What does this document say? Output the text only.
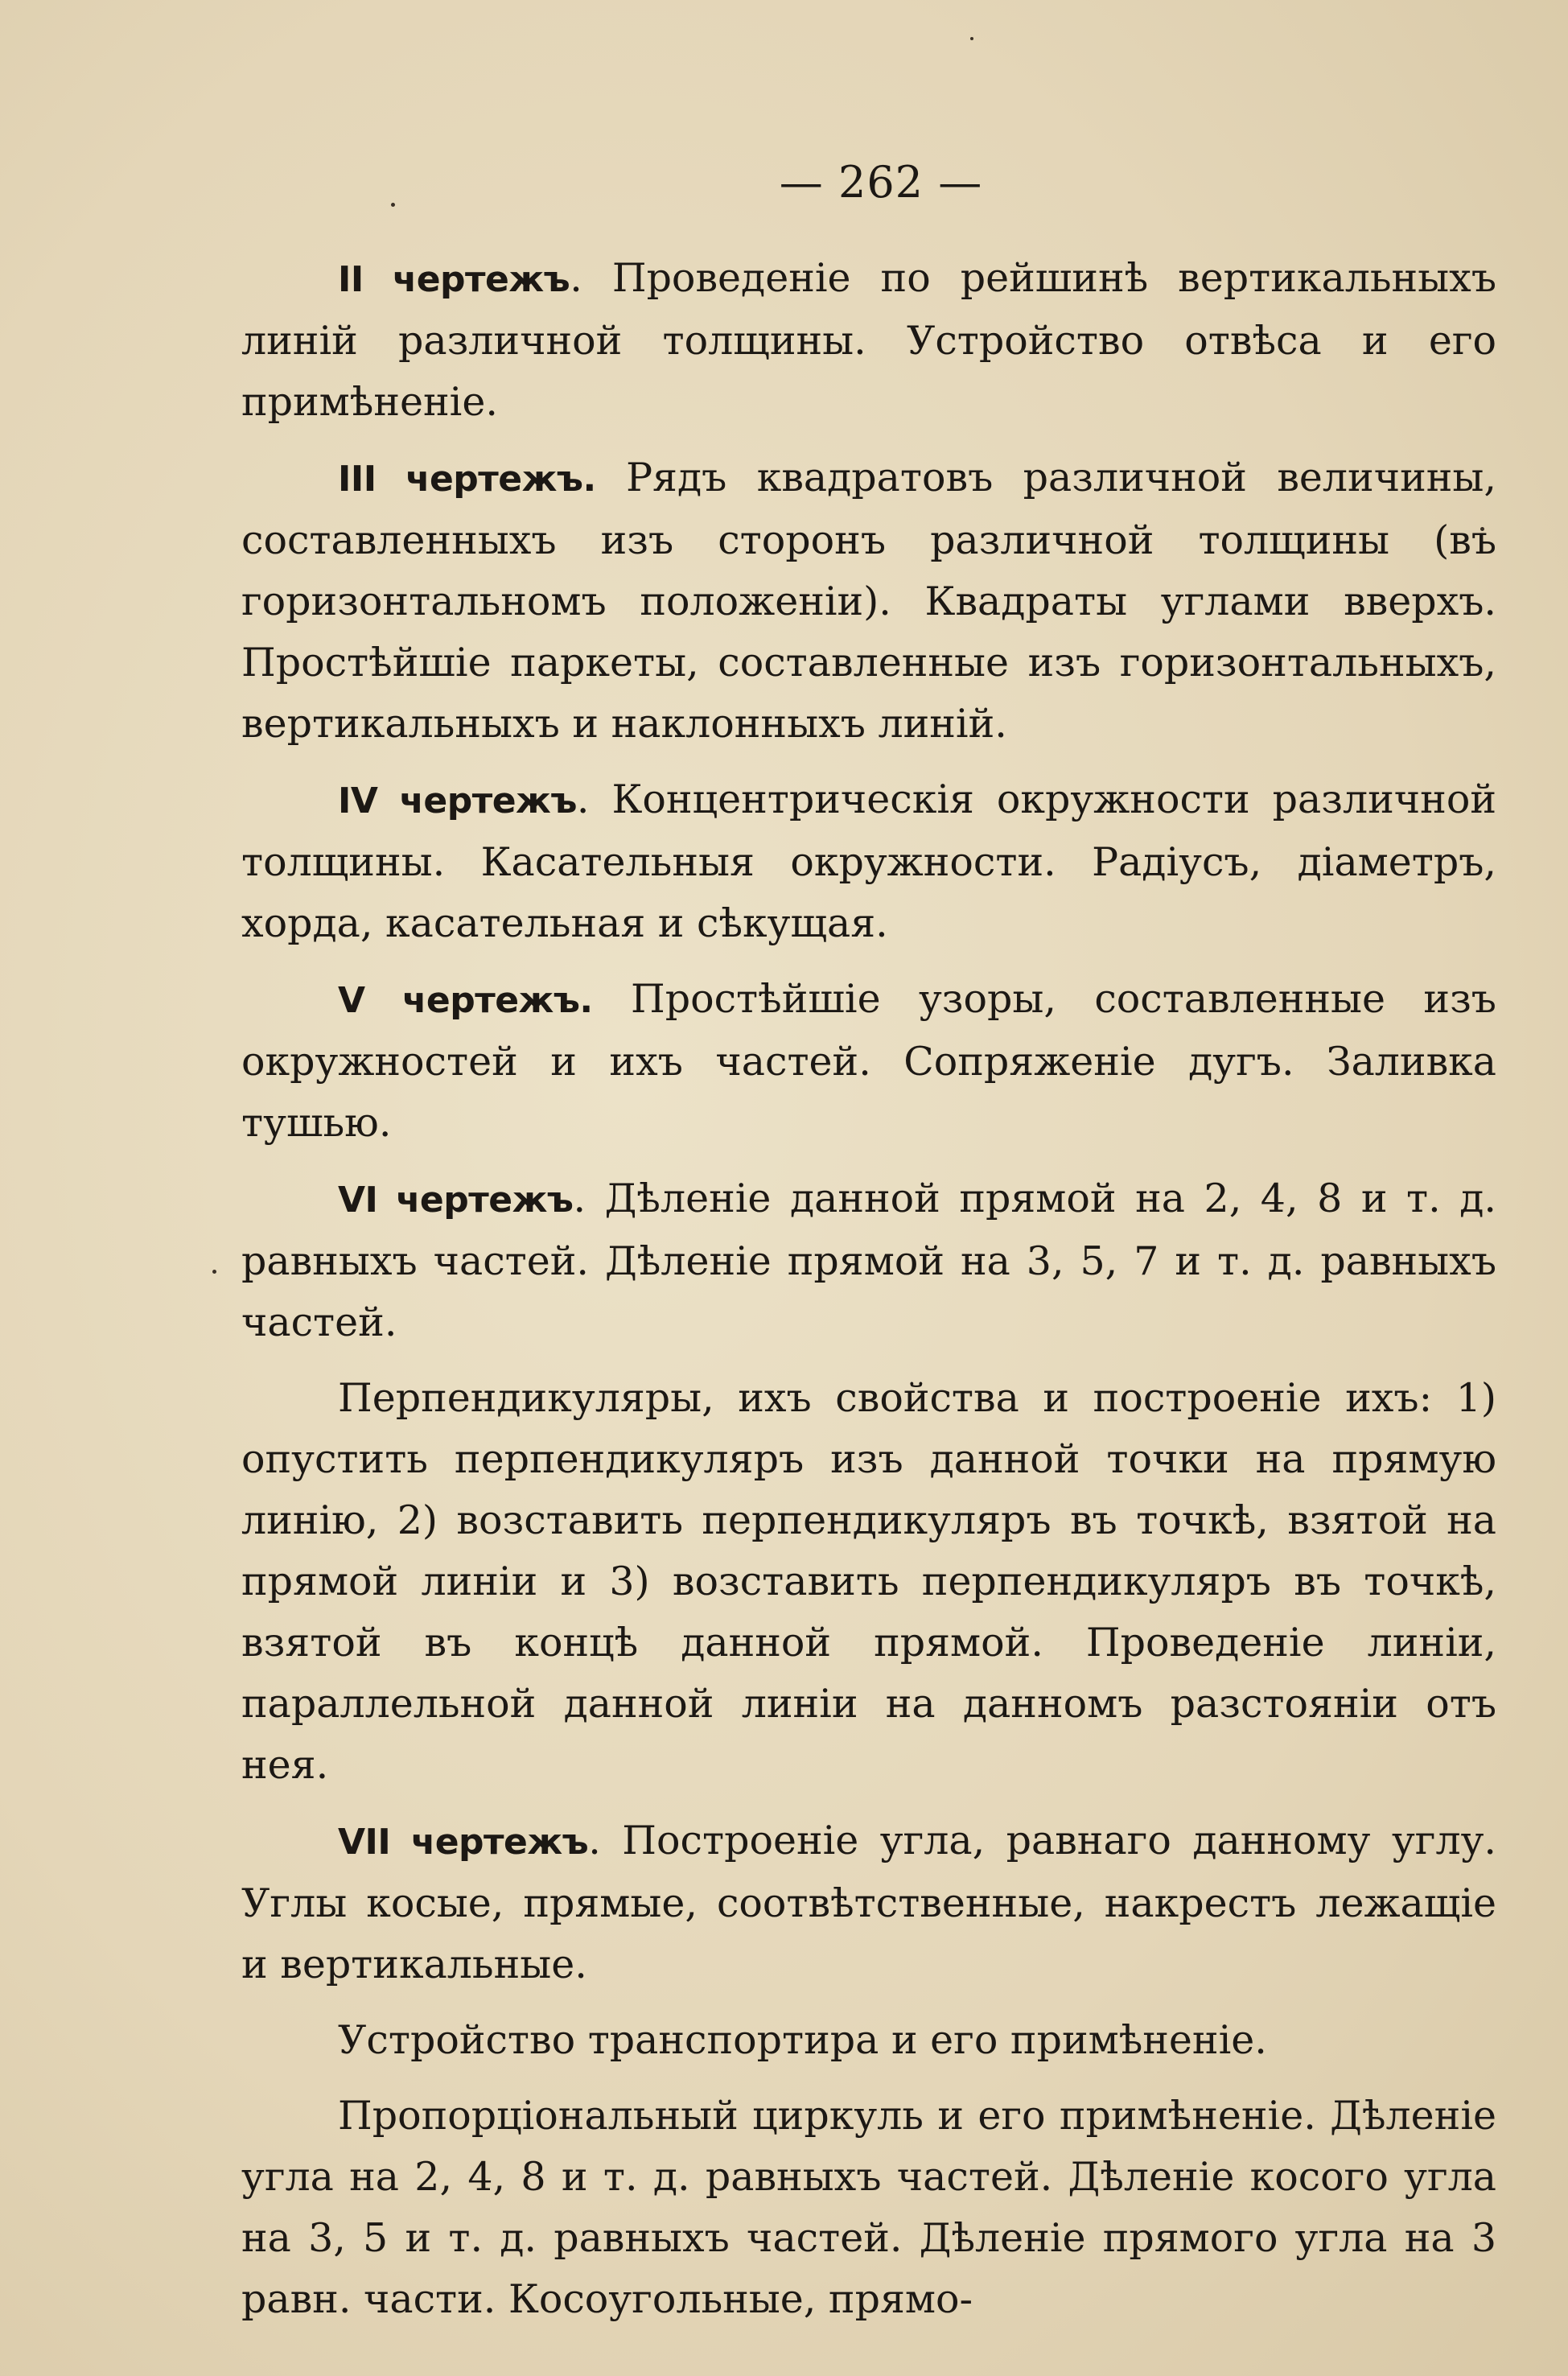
— 262 —

II чертежъ. Проведеніе по рейшинѣ вертикальныхъ линій различной толщины. Устройство отвѣса и его примѣненіе.

III чертежъ. Рядъ квадратовъ различной величины, составленныхъ изъ сторонъ различной толщины (въ горизонтальномъ положеніи). Квадраты углами вверхъ. Простѣйшіе паркеты, составленные изъ горизонтальныхъ, вертикальныхъ и наклонныхъ линій.

IV чертежъ. Концентрическія окружности различной толщины. Касательныя окружности. Радіусъ, діаметръ, хорда, касательная и сѣкущая.

V чертежъ. Простѣйшіе узоры, составленные изъ окружностей и ихъ частей. Сопряженіе дугъ. Заливка тушью.

VI чертежъ. Дѣленіе данной прямой на 2, 4, 8 и т. д. равныхъ частей. Дѣленіе прямой на 3, 5, 7 и т. д. равныхъ частей.

Перпендикуляры, ихъ свойства и построеніе ихъ: 1) опустить перпендикуляръ изъ данной точки на прямую линію, 2) возставить перпендикуляръ въ точкѣ, взятой на прямой линіи и 3) возставить перпендикуляръ въ точкѣ, взятой въ концѣ данной прямой. Проведеніе линіи, параллельной данной линіи на данномъ разстояніи отъ нея.

VII чертежъ. Построеніе угла, равнаго данному углу. Углы косые, прямые, соотвѣтственные, накрестъ лежащіе и вертикальные.

Устройство транспортира и его примѣненіе.

Пропорціональный циркуль и его примѣненіе. Дѣленіе угла на 2, 4, 8 и т. д. равныхъ частей. Дѣленіе косого угла на 3, 5 и т. д. равныхъ частей. Дѣленіе прямого угла на 3 равн. части. Косоугольные, прямо-
